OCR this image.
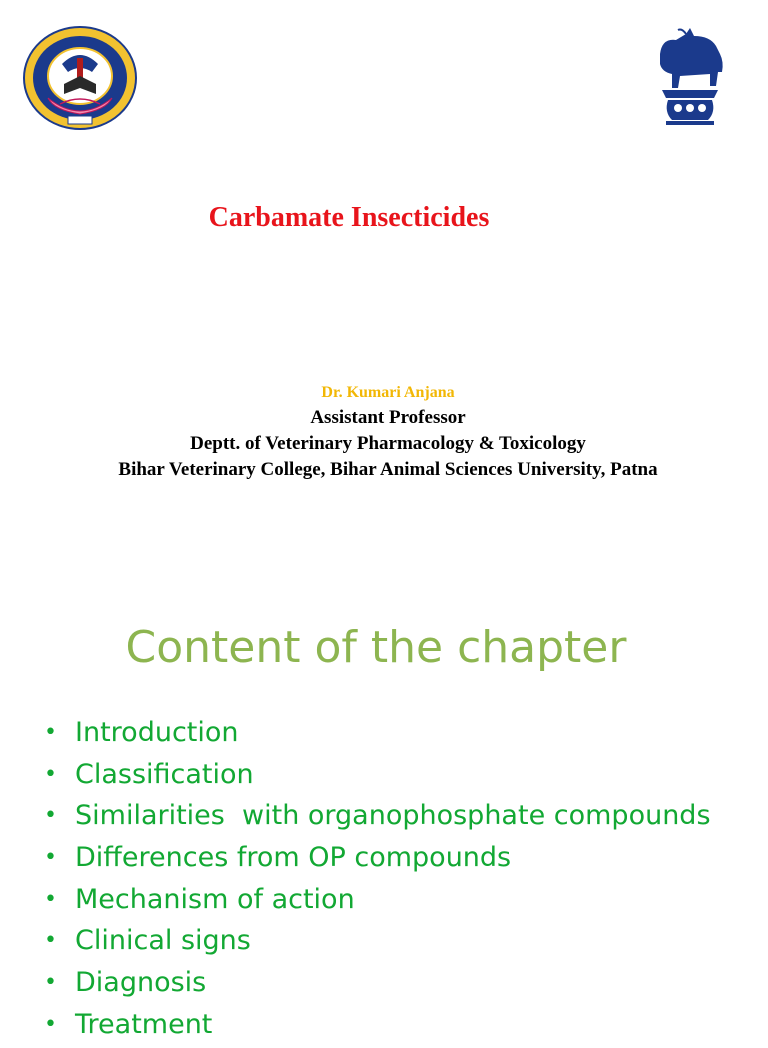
Carbamate Insecticides
Dr. Kumari Anjana
Assistant Professor
Deptt. of Veterinary Pharmacology & Toxicology
Bihar Veterinary College, Bihar Animal Sciences University, Patna
Content of the chapter
• Introduction
• Classification
• Similarities  with organophosphate compounds
• Differences from OP compounds
• Mechanism of action
• Clinical signs
• Diagnosis
• Treatment
